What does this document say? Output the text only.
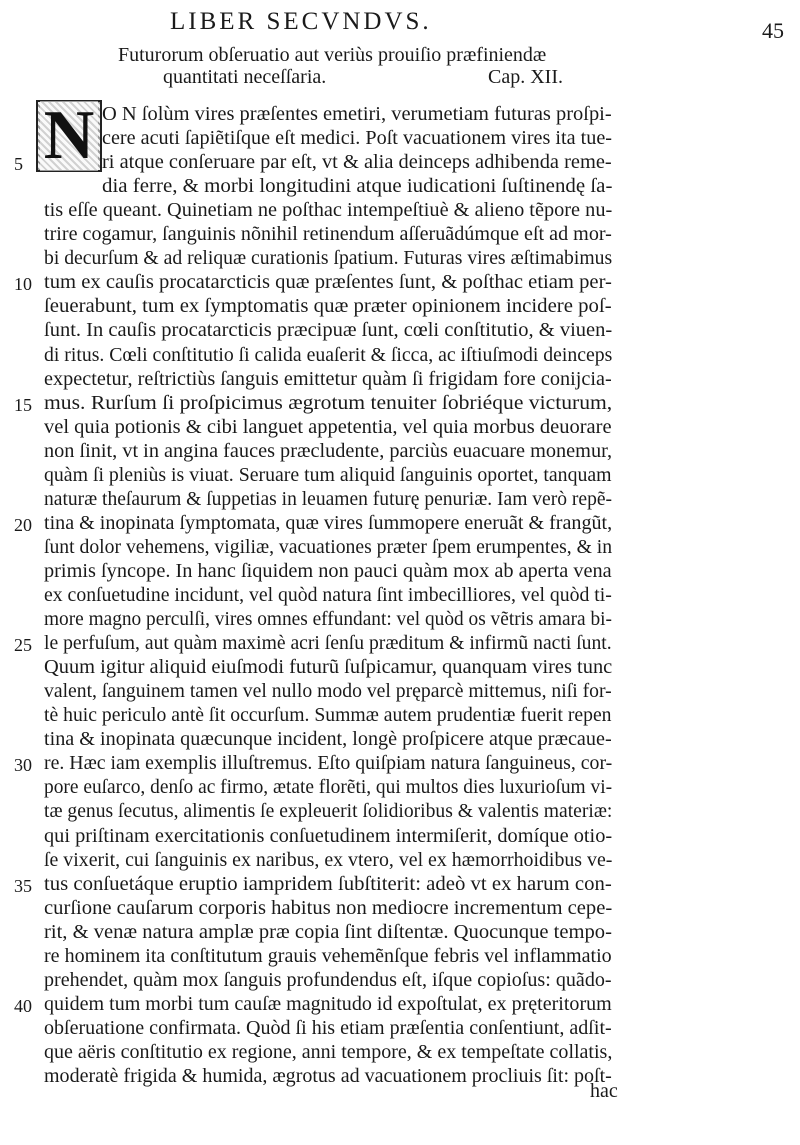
LIBER SECVNDVS.	45
Futurorum obſeruatio aut veriùs prouiſio præfiniendæ
quantitati neceſſaria.	Cap. XII.
N O N ſolùm vires præſentes emetiri, verumetiam futuras proſpi-
cere acuti ſapiẽtiſque eſt medici. Poſt vacuationem vires ita tue-
5	ri atque conſeruare par eſt, vt & alia deinceps adhibenda reme-
dia ferre, & morbi longitudini atque iudicationi ſuſtinendę ſa-
tis eſſe queant. Quinetiam ne poſthac intempeſtiuè & alieno tẽpore nu-
trire cogamur, ſanguinis nõnihil retinendum aſſeruãdúmque eſt ad mor-
bi decurſum & ad reliquæ curationis ſpatium. Futuras vires æſtimabimus
10 tum ex cauſis procatarcticis quæ præſentes ſunt, & poſthac etiam per-
ſeuerabunt, tum ex ſymptomatis quæ præter opinionem incidere poſ-
ſunt. In cauſis procatarcticis præcipuæ ſunt, cœli conſtitutio, & viuen-
di ritus. Cœli conſtitutio ſi calida euaſerit & ſicca, ac iſtiuſmodi deinceps
expectetur, reſtrictiùs ſanguis emittetur quàm ſi frigidam fore conijcia-
15 mus. Rurſum ſi proſpicimus ægrotum tenuiter ſobriéque victurum,
vel quia potionis & cibi languet appetentia, vel quia morbus deuorare
non ſinit, vt in angina fauces præcludente, parciùs euacuare monemur,
quàm ſi pleniùs is viuat. Seruare tum aliquid ſanguinis oportet, tanquam
naturæ theſaurum & ſuppetias in leuamen futurę penuriæ. Iam verò repẽ-
20 tina & inopinata ſymptomata, quæ vires ſummopere eneruãt & frangũt,
ſunt dolor vehemens, vigiliæ, vacuationes præter ſpem erumpentes, & in
primis ſyncope. In hanc ſiquidem non pauci quàm mox ab aperta vena
ex conſuetudine incidunt, vel quòd natura ſint imbecilliores, vel quòd ti-
more magno perculſi, vires omnes effundant: vel quòd os vẽtris amara bi-
25 le perfuſum, aut quàm maximè acri ſenſu præditum & infirmũ nacti ſunt.
Quum igitur aliquid eiuſmodi futurũ ſuſpicamur, quanquam vires tunc
valent, ſanguinem tamen vel nullo modo vel pręparcè mittemus, niſi for-
tè huic periculo antè ſit occurſum. Summæ autem prudentiæ fuerit repen
tina & inopinata quæcunque incident, longè proſpicere atque præcaue-
30 re. Hæc iam exemplis illuſtremus. Eſto quiſpiam natura ſanguineus, cor-
pore euſarco, denſo ac firmo, ætate florẽti, qui multos dies luxurioſum vi-
tæ genus ſecutus, alimentis ſe expleuerit ſolidioribus & valentis materiæ:
qui priſtinam exercitationis conſuetudinem intermiſerit, domíque otio-
ſe vixerit, cui ſanguinis ex naribus, ex vtero, vel ex hæmorrhoidibus ve-
35 tus conſuetáque eruptio iampridem ſubſtiterit: adeò vt ex harum con-
curſione cauſarum corporis habitus non mediocre incrementum cepe-
rit, & venæ natura amplæ præ copia ſint diſtentæ. Quocunque tempo-
re hominem ita conſtitutum grauis vehemẽnſque febris vel inflammatio
prehendet, quàm mox ſanguis profundendus eſt, iſque copioſus: quãdo-
40 quidem tum morbi tum cauſæ magnitudo id expoſtulat, ex pręteritorum
obſeruatione confirmata. Quòd ſi his etiam præſentia conſentiunt, adſit-
que aëris conſtitutio ex regione, anni tempore, & ex tempeſtate collatis,
moderatè frigida & humida, ægrotus ad vacuationem procliuis ſit: poſt-
hac
